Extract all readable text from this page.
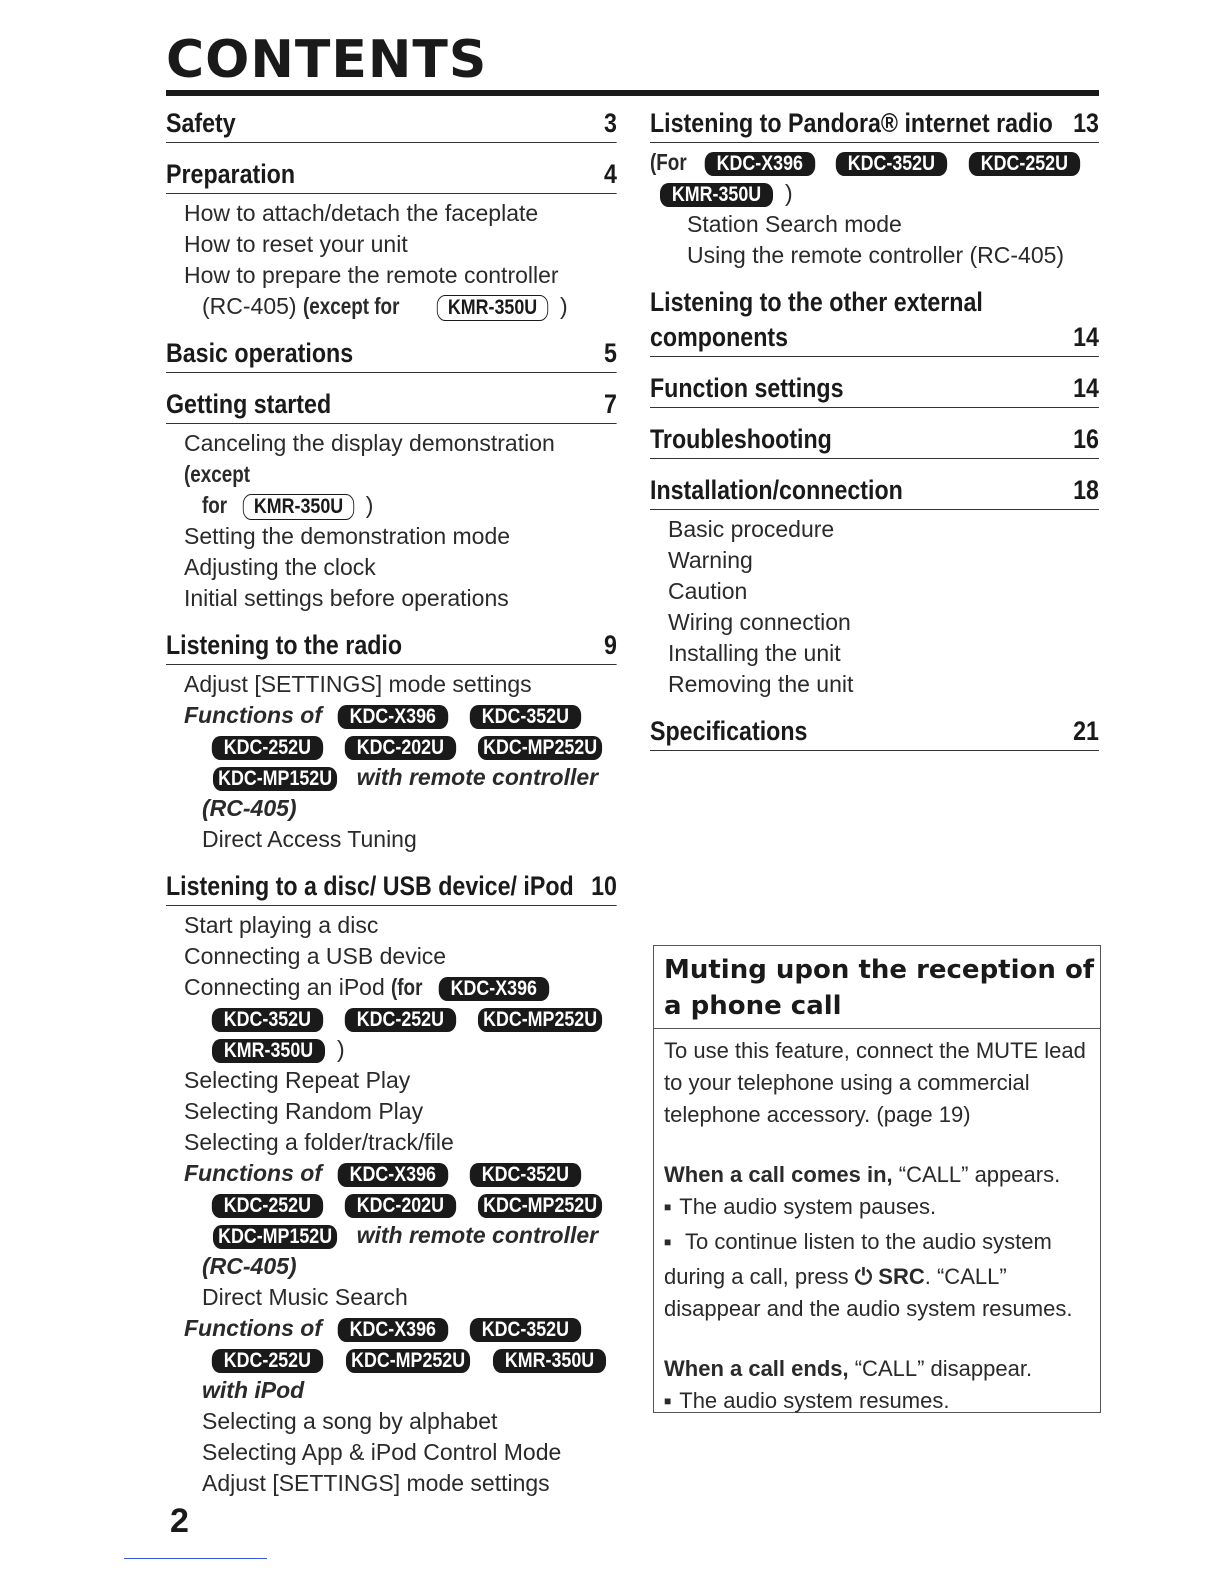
CONTENTS
Safety	3
Preparation	4
How to attach/detach the faceplate
How to reset your unit
How to prepare the remote controller
(RC-405) (except for KMR-350U )
Basic operations	5
Getting started	7
Canceling the display demonstration (except
for KMR-350U )
Setting the demonstration mode
Adjusting the clock
Initial settings before operations
Listening to the radio	9
Adjust [SETTINGS] mode settings
Functions of KDC-X396 KDC-352U
KDC-252U KDC-202U KDC-MP252U
KDC-MP152U with remote controller
(RC-405)
Direct Access Tuning
Listening to a disc/ USB device/ iPod 10
Start playing a disc
Connecting a USB device
Connecting an iPod (for KDC-X396
KDC-352U KDC-252U KDC-MP252U
KMR-350U )
Selecting Repeat Play
Selecting Random Play
Selecting a folder/track/file
Functions of KDC-X396 KDC-352U
KDC-252U KDC-202U KDC-MP252U
KDC-MP152U with remote controller
(RC-405)
Direct Music Search
Functions of KDC-X396 KDC-352U
KDC-252U KDC-MP252U KMR-350U
with iPod
Selecting a song by alphabet
Selecting App & iPod Control Mode
Adjust [SETTINGS] mode settings
Listening to Pandora® internet radio 13
(For KDC-X396 KDC-352U KDC-252U
KMR-350U )
Station Search mode
Using the remote controller (RC-405)
Listening to the other external
components	14
Function settings	14
Troubleshooting	16
Installation/connection	18
Basic procedure
Warning
Caution
Wiring connection
Installing the unit
Removing the unit
Specifications	21
Muting upon the reception of a phone call

To use this feature, connect the MUTE lead to your telephone using a commercial telephone accessory. (page 19)

When a call comes in, “CALL” appears.

■ The audio system pauses.

■ To continue listen to the audio system during a call, press ⏻ SRC. “CALL” disappear and the audio system resumes.

When a call ends, “CALL” disappear.

■ The audio system resumes.

2
